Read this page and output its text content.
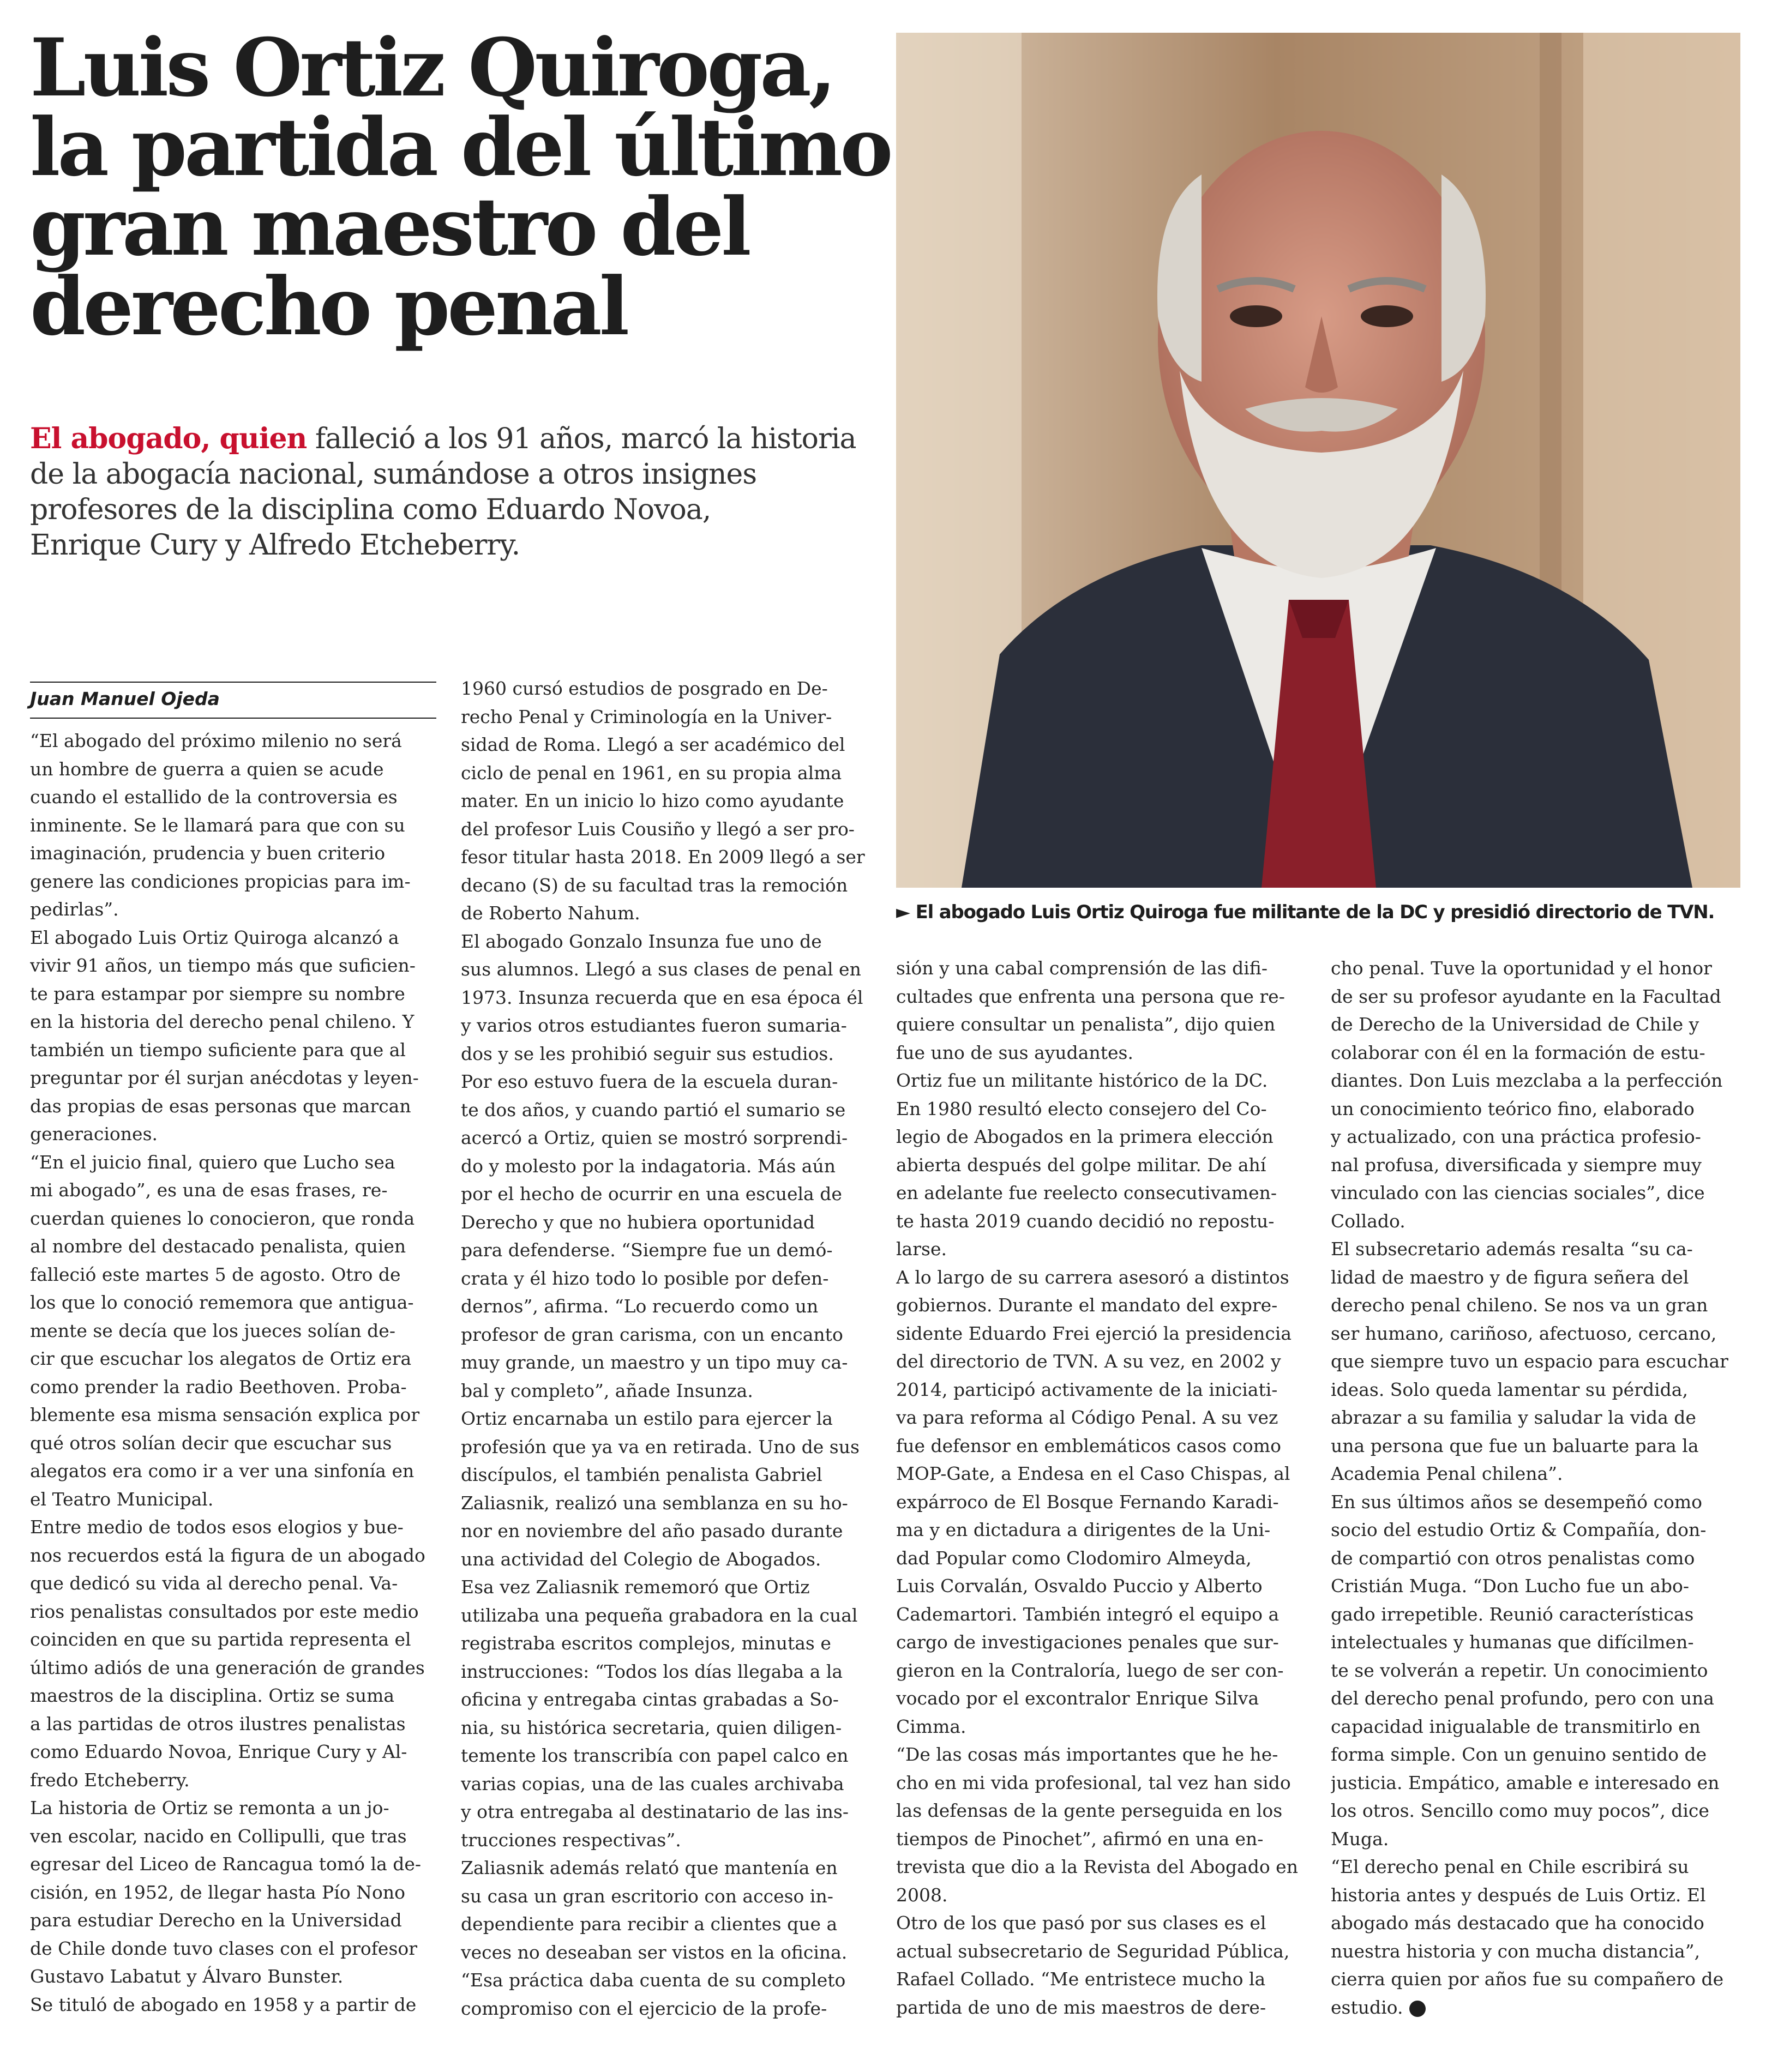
Luis Ortiz Quiroga,
la partida del último
gran maestro del
derecho penal

El abogado, quien falleció a los 91 años, marcó la historia
de la abogacía nacional, sumándose a otros insignes
profesores de la disciplina como Eduardo Novoa,
Enrique Cury y Alfredo Etcheberry.

► El abogado Luis Ortiz Quiroga fue militante de la DC y presidió directorio de TVN.

Juan Manuel Ojeda

“El abogado del próximo milenio no será
un hombre de guerra a quien se acude
cuando el estallido de la controversia es
inminente. Se le llamará para que con su
imaginación, prudencia y buen criterio
genere las condiciones propicias para im-
pedirlas”.
El abogado Luis Ortiz Quiroga alcanzó a
vivir 91 años, un tiempo más que suficien-
te para estampar por siempre su nombre
en la historia del derecho penal chileno. Y
también un tiempo suficiente para que al
preguntar por él surjan anécdotas y leyen-
das propias de esas personas que marcan
generaciones.
“En el juicio final, quiero que Lucho sea
mi abogado”, es una de esas frases, re-
cuerdan quienes lo conocieron, que ronda
al nombre del destacado penalista, quien
falleció este martes 5 de agosto. Otro de
los que lo conoció rememora que antigua-
mente se decía que los jueces solían de-
cir que escuchar los alegatos de Ortiz era
como prender la radio Beethoven. Proba-
blemente esa misma sensación explica por
qué otros solían decir que escuchar sus
alegatos era como ir a ver una sinfonía en
el Teatro Municipal.
Entre medio de todos esos elogios y bue-
nos recuerdos está la figura de un abogado
que dedicó su vida al derecho penal. Va-
rios penalistas consultados por este medio
coinciden en que su partida representa el
último adiós de una generación de grandes
maestros de la disciplina. Ortiz se suma
a las partidas de otros ilustres penalistas
como Eduardo Novoa, Enrique Cury y Al-
fredo Etcheberry.
La historia de Ortiz se remonta a un jo-
ven escolar, nacido en Collipulli, que tras
egresar del Liceo de Rancagua tomó la de-
cisión, en 1952, de llegar hasta Pío Nono
para estudiar Derecho en la Universidad
de Chile donde tuvo clases con el profesor
Gustavo Labatut y Álvaro Bunster.
Se tituló de abogado en 1958 y a partir de
1960 cursó estudios de posgrado en De-
recho Penal y Criminología en la Univer-
sidad de Roma. Llegó a ser académico del
ciclo de penal en 1961, en su propia alma
mater. En un inicio lo hizo como ayudante
del profesor Luis Cousiño y llegó a ser pro-
fesor titular hasta 2018. En 2009 llegó a ser
decano (S) de su facultad tras la remoción
de Roberto Nahum.
El abogado Gonzalo Insunza fue uno de
sus alumnos. Llegó a sus clases de penal en
1973. Insunza recuerda que en esa época él
y varios otros estudiantes fueron sumaria-
dos y se les prohibió seguir sus estudios.
Por eso estuvo fuera de la escuela duran-
te dos años, y cuando partió el sumario se
acercó a Ortiz, quien se mostró sorprendi-
do y molesto por la indagatoria. Más aún
por el hecho de ocurrir en una escuela de
Derecho y que no hubiera oportunidad
para defenderse. “Siempre fue un demó-
crata y él hizo todo lo posible por defen-
dernos”, afirma. “Lo recuerdo como un
profesor de gran carisma, con un encanto
muy grande, un maestro y un tipo muy ca-
bal y completo”, añade Insunza.
Ortiz encarnaba un estilo para ejercer la
profesión que ya va en retirada. Uno de sus
discípulos, el también penalista Gabriel
Zaliasnik, realizó una semblanza en su ho-
nor en noviembre del año pasado durante
una actividad del Colegio de Abogados.
Esa vez Zaliasnik rememoró que Ortiz
utilizaba una pequeña grabadora en la cual
registraba escritos complejos, minutas e
instrucciones: “Todos los días llegaba a la
oficina y entregaba cintas grabadas a So-
nia, su histórica secretaria, quien diligen-
temente los transcribía con papel calco en
varias copias, una de las cuales archivaba
y otra entregaba al destinatario de las ins-
trucciones respectivas”.
Zaliasnik además relató que mantenía en
su casa un gran escritorio con acceso in-
dependiente para recibir a clientes que a
veces no deseaban ser vistos en la oficina.
“Esa práctica daba cuenta de su completo
compromiso con el ejercicio de la profe-
sión y una cabal comprensión de las difi-
cultades que enfrenta una persona que re-
quiere consultar un penalista”, dijo quien
fue uno de sus ayudantes.
Ortiz fue un militante histórico de la DC.
En 1980 resultó electo consejero del Co-
legio de Abogados en la primera elección
abierta después del golpe militar. De ahí
en adelante fue reelecto consecutivamen-
te hasta 2019 cuando decidió no repostu-
larse.
A lo largo de su carrera asesoró a distintos
gobiernos. Durante el mandato del expre-
sidente Eduardo Frei ejerció la presidencia
del directorio de TVN. A su vez, en 2002 y
2014, participó activamente de la iniciati-
va para reforma al Código Penal. A su vez
fue defensor en emblemáticos casos como
MOP-Gate, a Endesa en el Caso Chispas, al
expárroco de El Bosque Fernando Karadi-
ma y en dictadura a dirigentes de la Uni-
dad Popular como Clodomiro Almeyda,
Luis Corvalán, Osvaldo Puccio y Alberto
Cademartori. También integró el equipo a
cargo de investigaciones penales que sur-
gieron en la Contraloría, luego de ser con-
vocado por el excontralor Enrique Silva
Cimma.
“De las cosas más importantes que he he-
cho en mi vida profesional, tal vez han sido
las defensas de la gente perseguida en los
tiempos de Pinochet”, afirmó en una en-
trevista que dio a la Revista del Abogado en
2008.
Otro de los que pasó por sus clases es el
actual subsecretario de Seguridad Pública,
Rafael Collado. “Me entristece mucho la
partida de uno de mis maestros de dere-
cho penal. Tuve la oportunidad y el honor
de ser su profesor ayudante en la Facultad
de Derecho de la Universidad de Chile y
colaborar con él en la formación de estu-
diantes. Don Luis mezclaba a la perfección
un conocimiento teórico fino, elaborado
y actualizado, con una práctica profesio-
nal profusa, diversificada y siempre muy
vinculado con las ciencias sociales”, dice
Collado.
El subsecretario además resalta “su ca-
lidad de maestro y de figura señera del
derecho penal chileno. Se nos va un gran
ser humano, cariñoso, afectuoso, cercano,
que siempre tuvo un espacio para escuchar
ideas. Solo queda lamentar su pérdida,
abrazar a su familia y saludar la vida de
una persona que fue un baluarte para la
Academia Penal chilena”.
En sus últimos años se desempeñó como
socio del estudio Ortiz & Compañía, don-
de compartió con otros penalistas como
Cristián Muga. “Don Lucho fue un abo-
gado irrepetible. Reunió características
intelectuales y humanas que difícilmen-
te se volverán a repetir. Un conocimiento
del derecho penal profundo, pero con una
capacidad inigualable de transmitirlo en
forma simple. Con un genuino sentido de
justicia. Empático, amable e interesado en
los otros. Sencillo como muy pocos”, dice
Muga.
“El derecho penal en Chile escribirá su
historia antes y después de Luis Ortiz. El
abogado más destacado que ha conocido
nuestra historia y con mucha distancia”,
cierra quien por años fue su compañero de
estudio.
